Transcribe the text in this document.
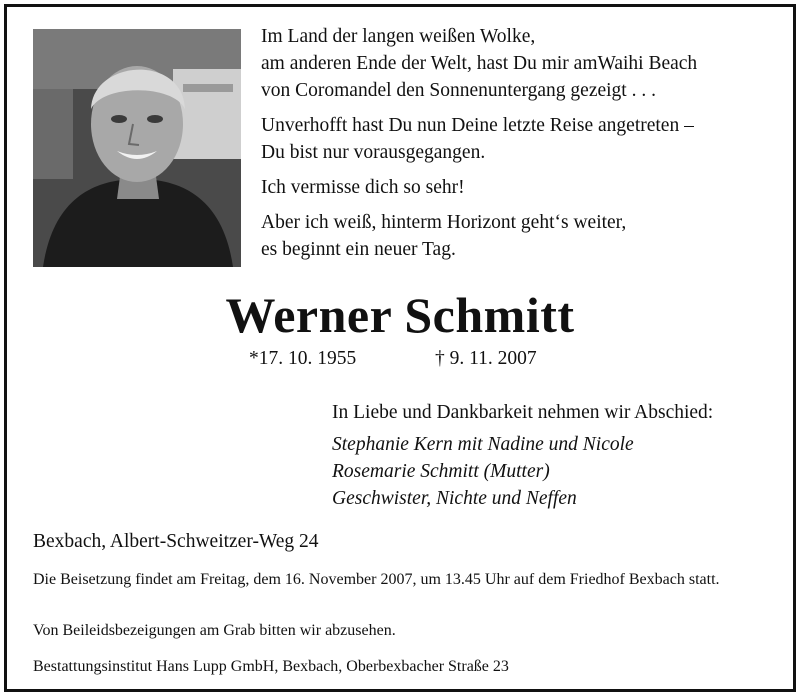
Im Land der langen weißen Wolke,
am anderen Ende der Welt, hast Du mir amWaihi Beach
von Coromandel den Sonnenuntergang gezeigt . . .

Unverhofft hast Du nun Deine letzte Reise angetreten –
Du bist nur vorausgegangen.

Ich vermisse dich so sehr!

Aber ich weiß, hinterm Horizont geht‘s weiter,
es beginnt ein neuer Tag.

Werner Schmitt
*17. 10. 1955	† 9. 11. 2007
In Liebe und Dankbarkeit nehmen wir Abschied:
Stephanie Kern mit Nadine und Nicole
Rosemarie Schmitt (Mutter)
Geschwister, Nichte und Neffen
Bexbach, Albert-Schweitzer-Weg 24
Die Beisetzung findet am Freitag, dem 16. November 2007, um 13.45 Uhr auf dem Friedhof Bexbach statt.
Von Beileidsbezeigungen am Grab bitten wir abzusehen.
Bestattungsinstitut Hans Lupp GmbH, Bexbach, Oberbexbacher Straße 23
